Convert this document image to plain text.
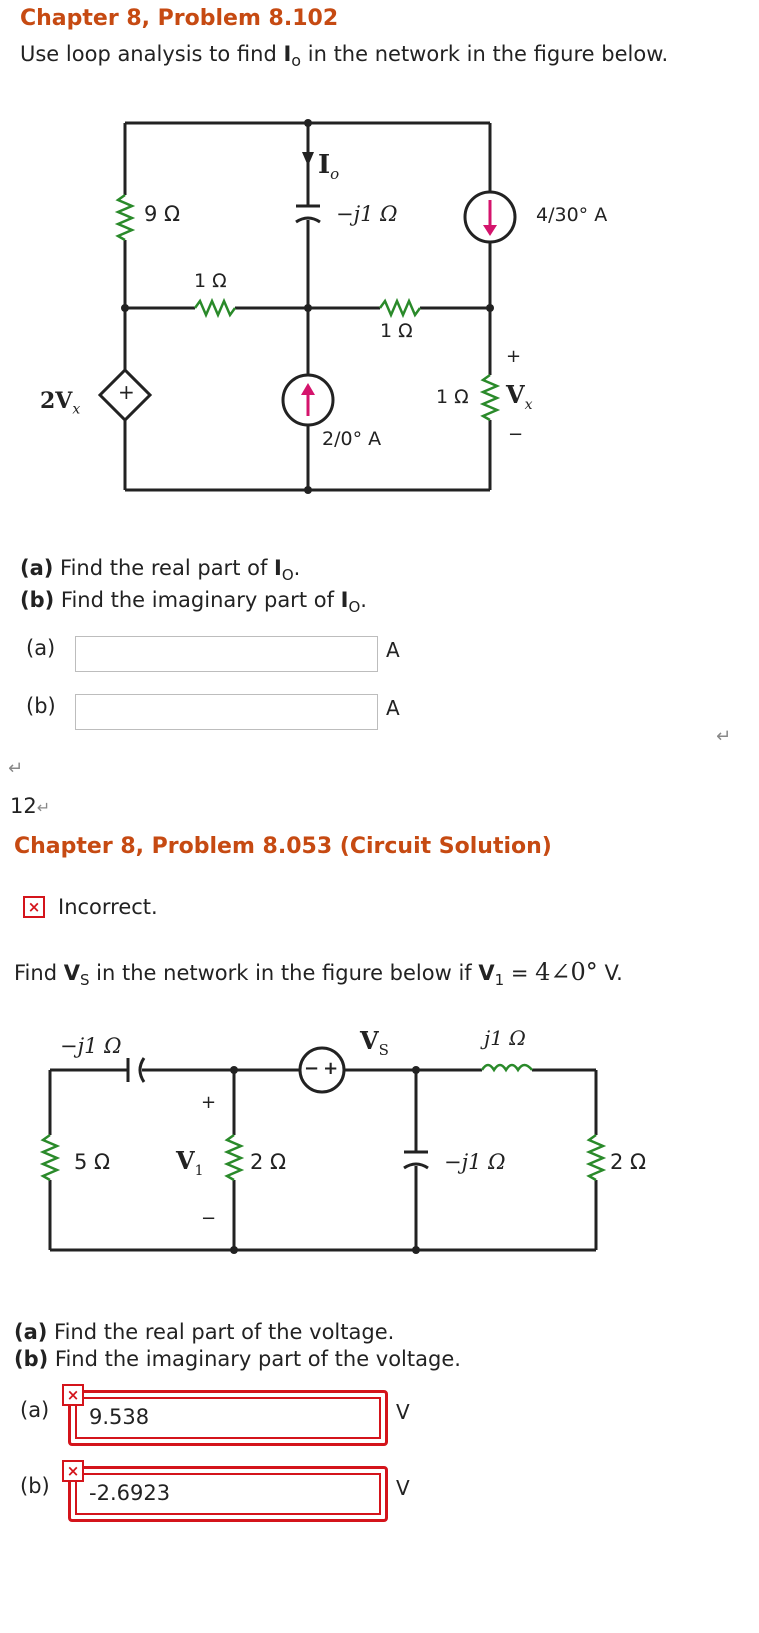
Chapter 8, Problem 8.102
Use loop analysis to find $I_o$ in the network in the figure below.
9 Ω	−j1 Ω	4/30° A
1 Ω
1 Ω
$2V_x$
+
2/0° A
1 Ω $V_x$
+
−
$I_o$
(a) Find the real part of $I_O$.
(b) Find the imaginary part of $I_O$.
(a)	A
(b)	A
↵
↵
12↵
Chapter 8, Problem 8.053 (Circuit Solution)
× Incorrect.
Find $V_S$ in the network in the figure below if $V_1$ = 4∠0° V.
−j1 Ω
− +
5 Ω	$V_1$
+
−
2 Ω
$V_S$	j1 Ω
−j1 Ω	2 Ω
(a) Find the real part of the voltage.
(b) Find the imaginary part of the voltage.
(a) 9.538
×
V
(b) -2.6923
×
V
